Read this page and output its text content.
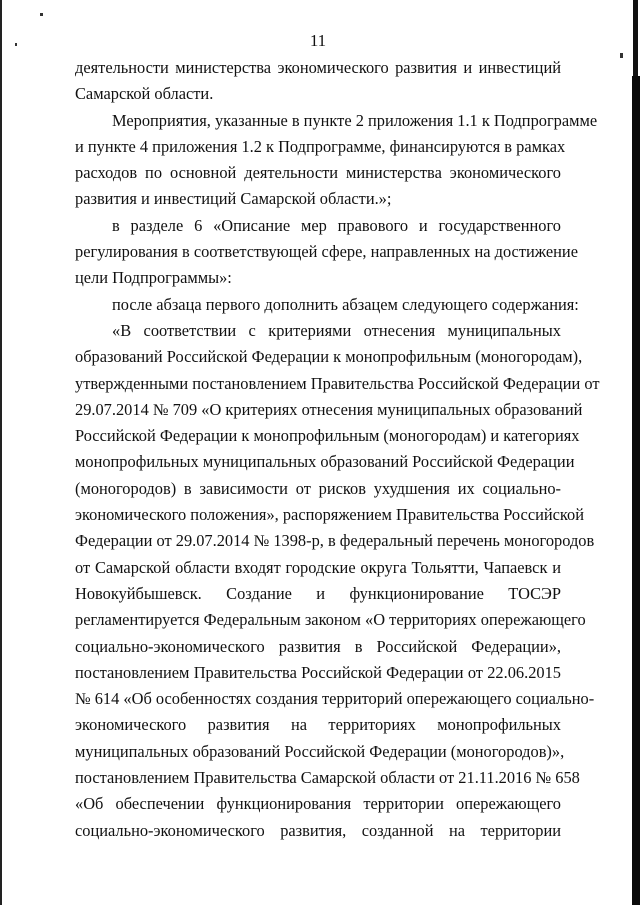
11
деятельности министерства экономического развития и инвестиций
Самарской области.
Мероприятия, указанные в пункте 2 приложения 1.1 к Подпрограмме
и пункте 4 приложения 1.2 к Подпрограмме, финансируются в рамках
расходов по основной деятельности министерства экономического
развития и инвестиций Самарской области.»;
в разделе 6 «Описание мер правового и государственного
регулирования в соответствующей сфере, направленных на достижение
цели Подпрограммы»:
после абзаца первого дополнить абзацем следующего содержания:
«В соответствии с критериями отнесения муниципальных
образований Российской Федерации к монопрофильным (моногородам),
утвержденными постановлением Правительства Российской Федерации от
29.07.2014 № 709 «О критериях отнесения муниципальных образований
Российской Федерации к монопрофильным (моногородам) и категориях
монопрофильных муниципальных образований Российской Федерации
(моногородов) в зависимости от рисков ухудшения их социально-
экономического положения», распоряжением Правительства Российской
Федерации от 29.07.2014 № 1398-р, в федеральный перечень моногородов
от Самарской области входят городские округа Тольятти, Чапаевск и
Новокуйбышевск. Создание и функционирование ТОСЭР
регламентируется Федеральным законом «О территориях опережающего
социально-экономического развития в Российской Федерации»,
постановлением Правительства Российской Федерации от 22.06.2015
№ 614 «Об особенностях создания территорий опережающего социально-
экономического развития на территориях монопрофильных
муниципальных образований Российской Федерации (моногородов)»,
постановлением Правительства Самарской области от 21.11.2016 № 658
«Об обеспечении функционирования территории опережающего
социально-экономического развития, созданной на территории
